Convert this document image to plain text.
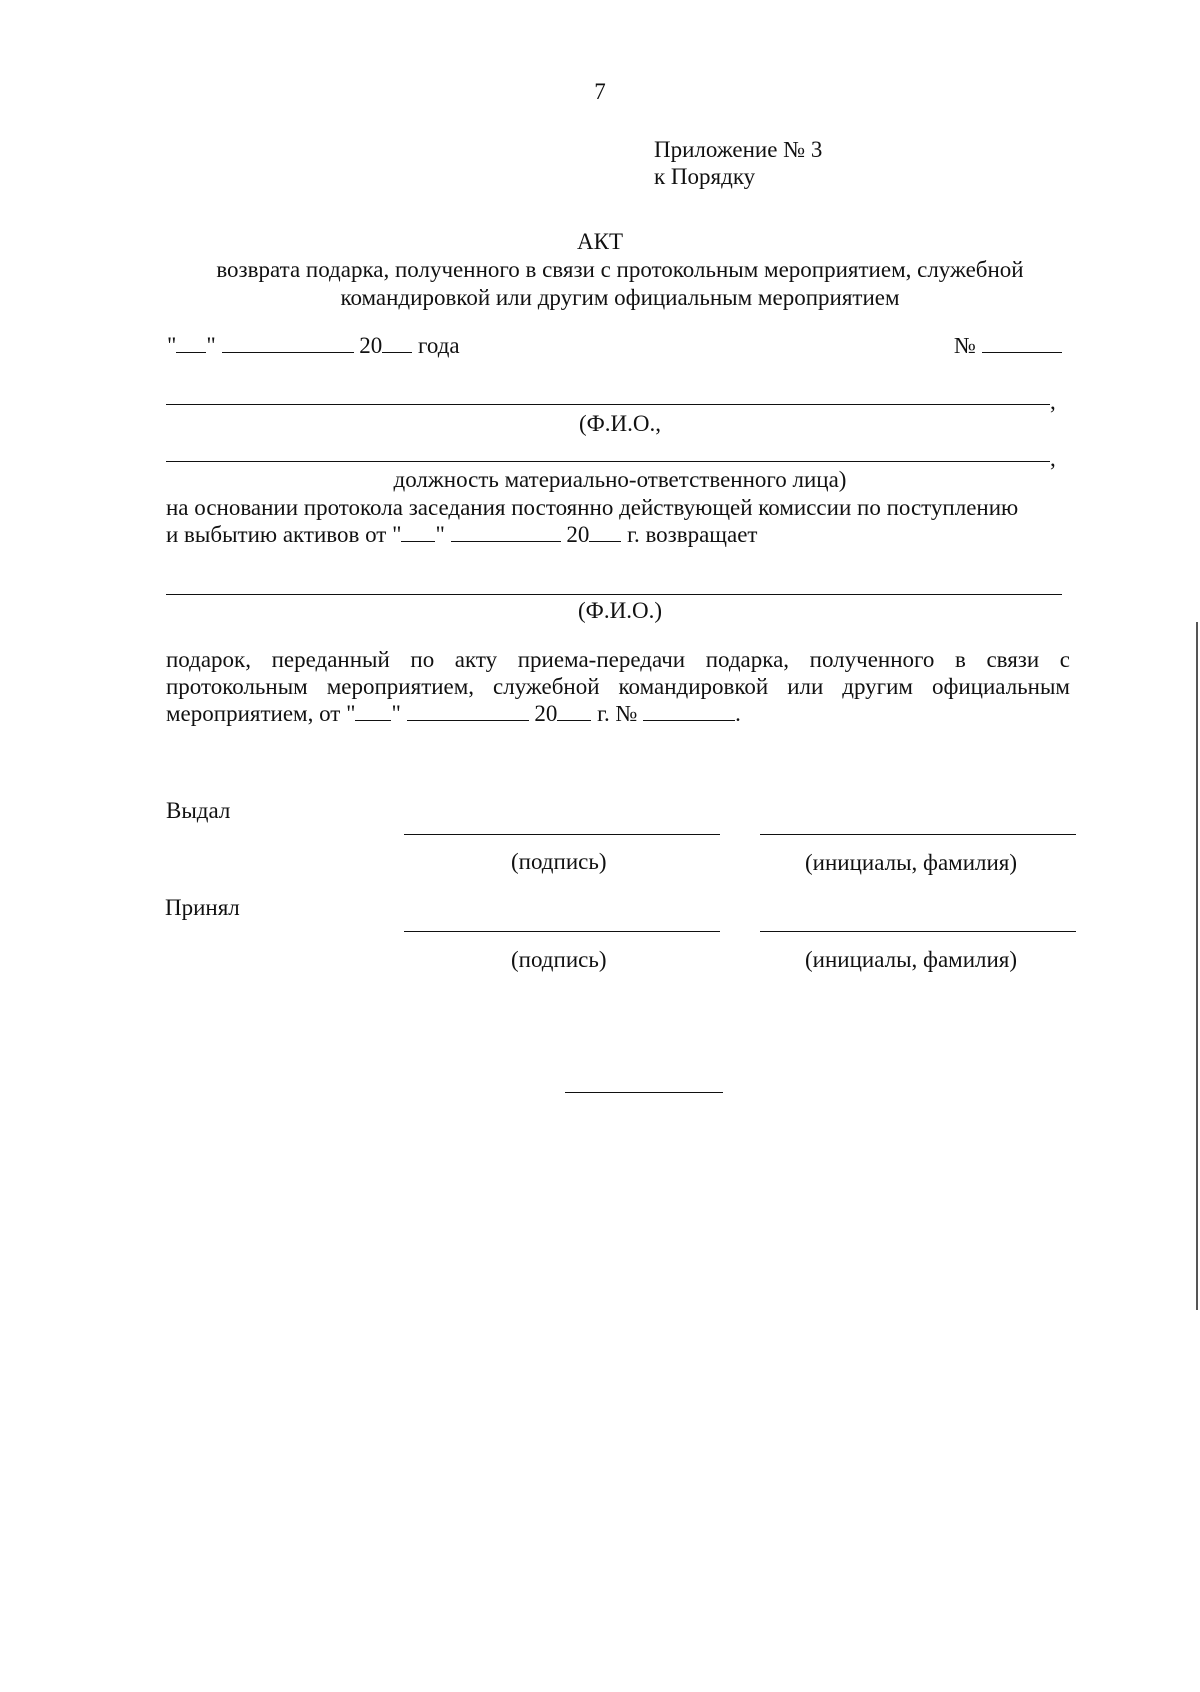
7
Приложение № 3
к Порядку
АКТ
возврата подарка, полученного в связи с протокольным мероприятием, служебной
командировкой или другим официальным мероприятием
" "	20 года	№
,
(Ф.И.О.,
,
должность материально-ответственного лица)
на основании протокола заседания постоянно действующей комиссии по поступлению
и выбытию активов от " "	20 г. возвращает
(Ф.И.О.)
подарок, переданный по акту приема-передачи подарка, полученного в связи с
протокольным мероприятием, служебной командировкой или другим официальным
мероприятием, от " "	20 г. №	.
Выдал
(подпись)	(инициалы, фамилия)
Принял
(подпись)	(инициалы, фамилия)
